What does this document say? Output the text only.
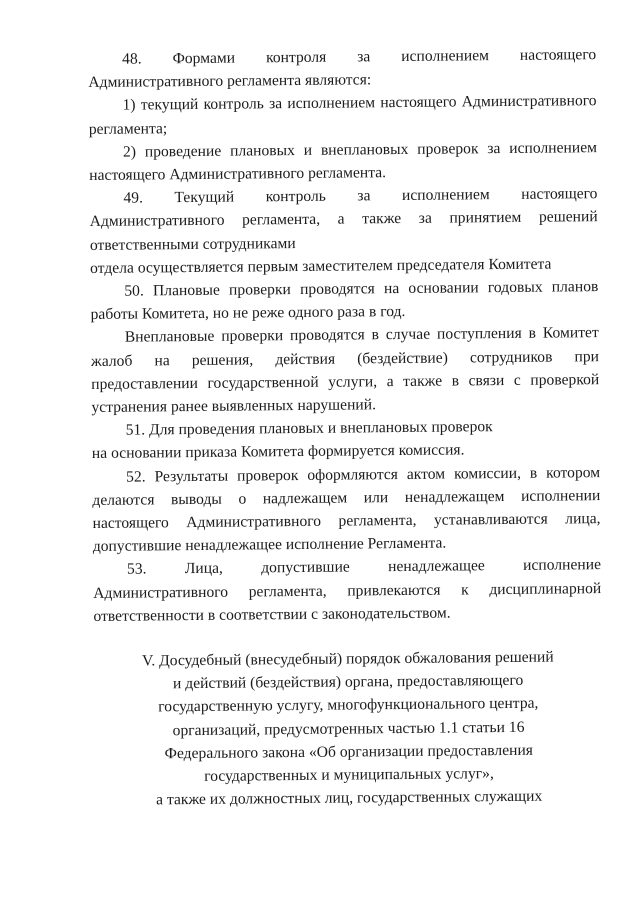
48. Формами контроля за исполнением настоящего Административного регламента являются:

1) текущий контроль за исполнением настоящего Административного регламента;

2) проведение плановых и внеплановых проверок за исполнением настоящего Административного регламента.

49. Текущий контроль за исполнением настоящего Административного регламента, а также за принятием решений ответственными сотрудниками

отдела осуществляется первым заместителем председателя Комитета

50. Плановые проверки проводятся на основании годовых планов работы Комитета, но не реже одного раза в год.

Внеплановые проверки проводятся в случае поступления в Комитет жалоб на решения, действия (бездействие) сотрудников при предоставлении государственной услуги, а также в связи с проверкой устранения ранее выявленных нарушений.

51. Для проведения плановых и внеплановых проверок

на основании приказа Комитета формируется комиссия.

52. Результаты проверок оформляются актом комиссии, в котором делаются выводы о надлежащем или ненадлежащем исполнении настоящего Административного регламента, устанавливаются лица, допустившие ненадлежащее исполнение Регламента.

53. Лица, допустившие ненадлежащее исполнение Административного регламента, привлекаются к дисциплинарной ответственности в соответствии с законодательством.

V. Досудебный (внесудебный) порядок обжалования решений
и действий (бездействия) органа, предоставляющего
государственную услугу, многофункционального центра,
организаций, предусмотренных частью 1.1 статьи 16
Федерального закона «Об организации предоставления
государственных и муниципальных услуг»,
а также их должностных лиц, государственных служащих
